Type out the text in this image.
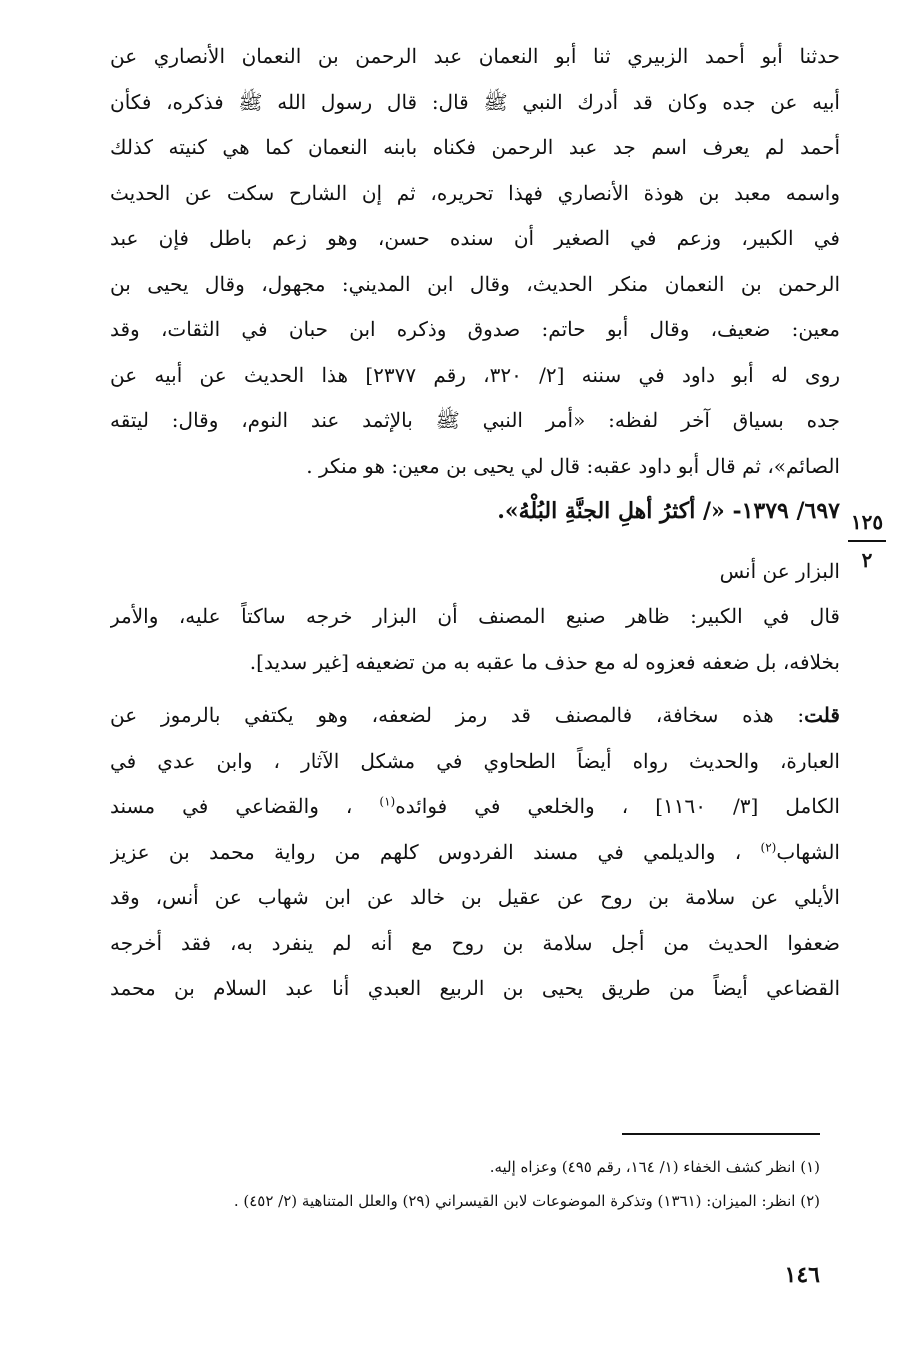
حدثنا أبو أحمد الزبيري ثنا أبو النعمان عبد الرحمن بن النعمان الأنصاري عن
أبيه عن جده وكان قد أدرك النبي ﷺ قال: قال رسول الله ﷺ فذكره، فكأن
أحمد لم يعرف اسم جد عبد الرحمن فكناه بابنه النعمان كما هي كنيته كذلك
واسمه معبد بن هوذة الأنصاري فهذا تحريره، ثم إن الشارح سكت عن الحديث
في الكبير، وزعم في الصغير أن سنده حسن، وهو زعم باطل فإن عبد
الرحمن بن النعمان منكر الحديث، وقال ابن المديني: مجهول، وقال يحيى بن
معين: ضعيف، وقال أبو حاتم: صدوق وذكره ابن حبان في الثقات، وقد
روى له أبو داود في سننه [٢/ ٣٢٠، رقم ٢٣٧٧] هذا الحديث عن أبيه عن
جده بسياق آخر لفظه: «أمر النبي ﷺ بالإثمد عند النوم، وقال: ليتقه
الصائم»، ثم قال أبو داود عقبه: قال لي يحيى بن معين: هو منكر .
٦٩٧/ ١٣٧٩- «/ أكثرُ أهلِ الجنَّةِ البُلْهُ».
البزار عن أنس
قال في الكبير: ظاهر صنيع المصنف أن البزار خرجه ساكتاً عليه، والأمر
بخلافه، بل ضعفه فعزوه له مع حذف ما عقبه به من تضعيفه [غير سديد].
قلت: هذه سخافة، فالمصنف قد رمز لضعفه، وهو يكتفي بالرموز عن
العبارة، والحديث رواه أيضاً الطحاوي في مشكل الآثار ، وابن عدي في
الكامل [٣/ ١١٦٠] ، والخلعي في فوائده$^{(١)}$ ، والقضاعي في مسند
الشهاب$^{(٢)}$ ، والديلمي في مسند الفردوس كلهم من رواية محمد بن عزيز
الأيلي عن سلامة بن روح عن عقيل بن خالد عن ابن شهاب عن أنس، وقد
ضعفوا الحديث من أجل سلامة بن روح مع أنه لم ينفرد به، فقد أخرجه
القضاعي أيضاً من طريق يحيى بن الربيع العبدي أنا عبد السلام بن محمد
١٢٥
٢
(١) انظر كشف الخفاء (١/ ١٦٤، رقم ٤٩٥) وعزاه إليه.
(٢) انظر: الميزان: (١٣٦١) وتذكرة الموضوعات لابن القيسراني (٢٩) والعلل المتناهية (٢/ ٤٥٢) .
١٤٦
